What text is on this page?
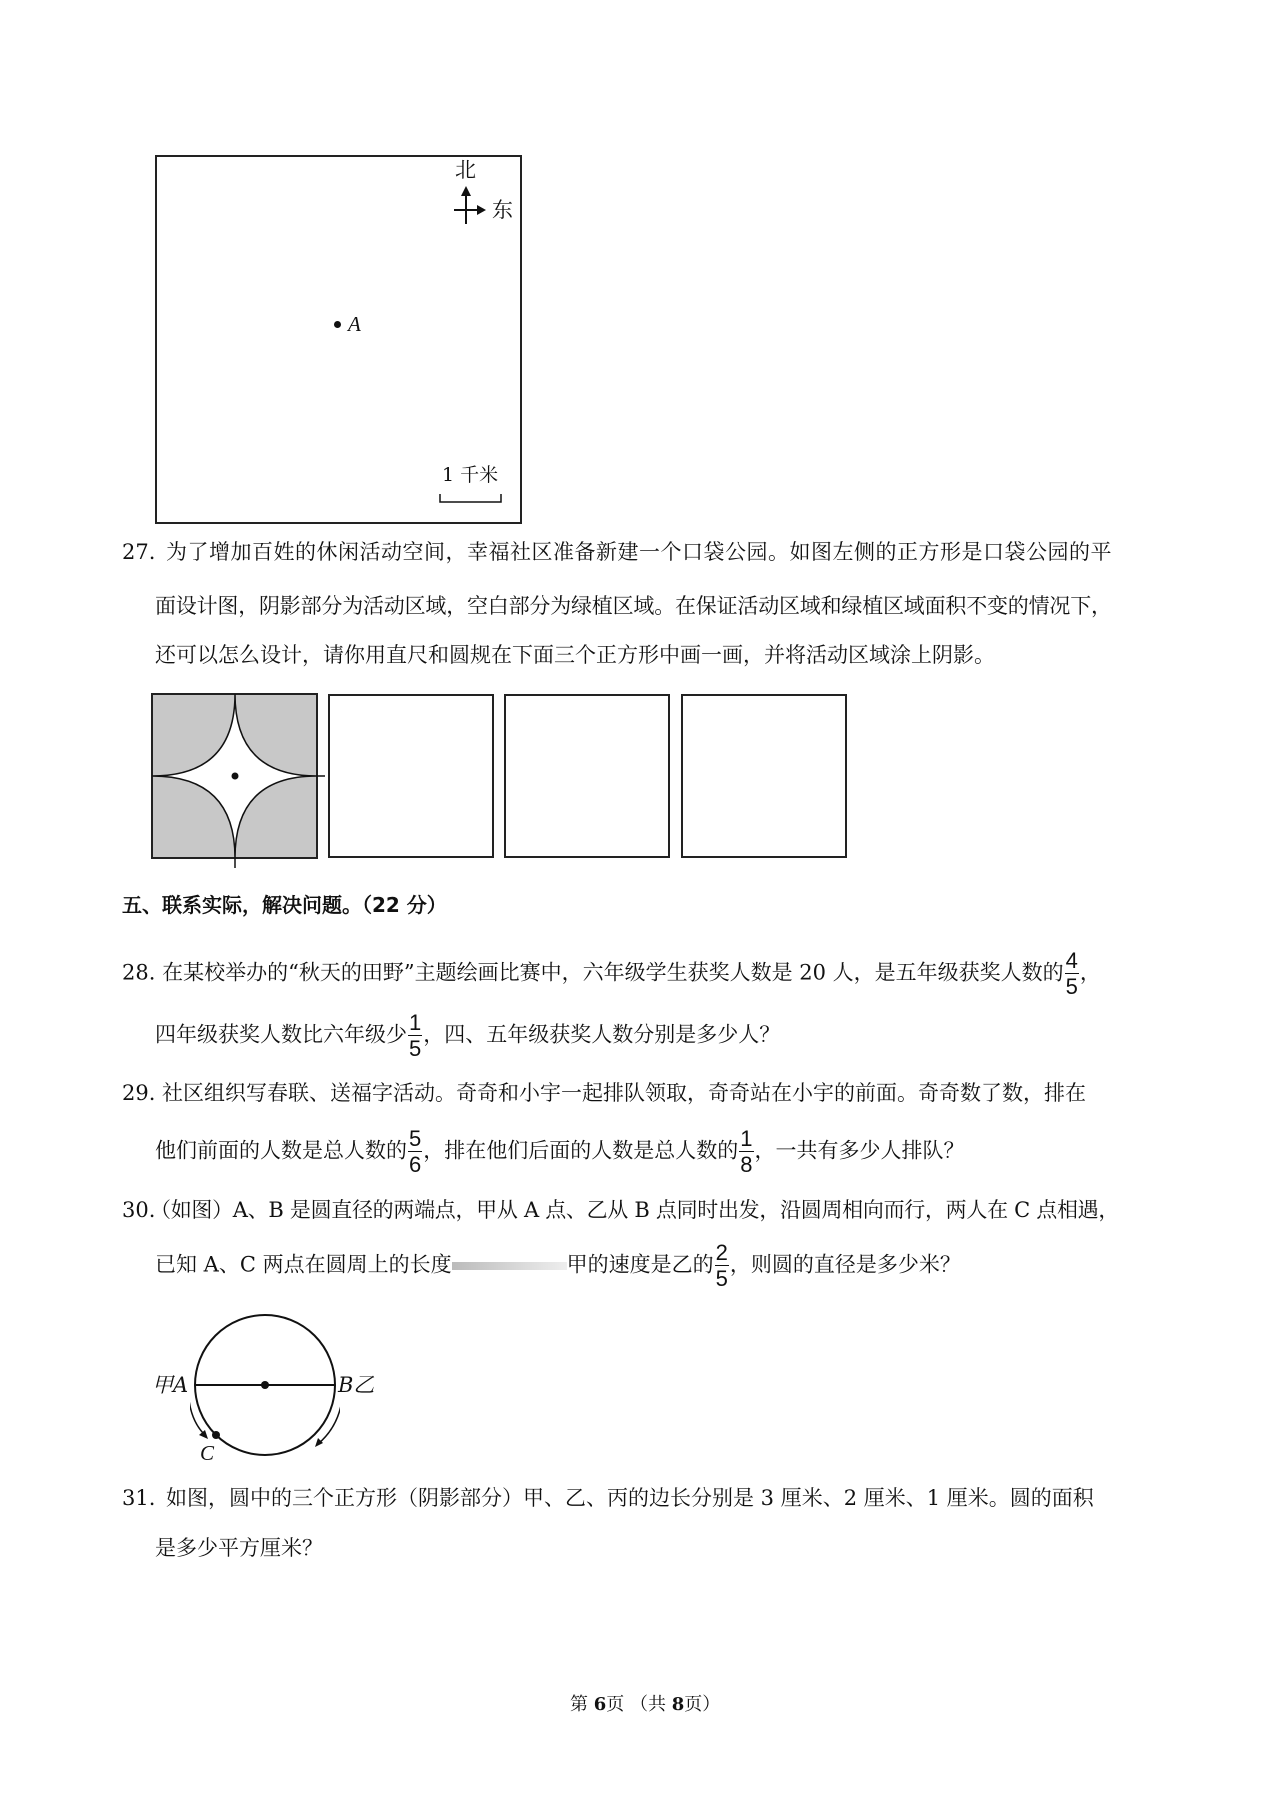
北
东
A
1 千米
27. 为了增加百姓的休闲活动空间，幸福社区准备新建一个口袋公园。如图左侧的正方形是口袋公园的平
面设计图，阴影部分为活动区域，空白部分为绿植区域。在保证活动区域和绿植区域面积不变的情况下，
还可以怎么设计，请你用直尺和圆规在下面三个正方形中画一画，并将活动区域涂上阴影。
五、联系实际，解决问题。（22 分）
28. 在某校举办的“秋天的田野”主题绘画比赛中，六年级学生获奖人数是 20 人，是五年级获奖人数的 $\frac{4}{5}$ ，
四年级获奖人数比六年级少 $\frac{1}{5}$ ，四、五年级获奖人数分别是多少人？
29. 社区组织写春联、送福字活动。奇奇和小宇一起排队领取，奇奇站在小宇的前面。奇奇数了数，排在
他们前面的人数是总人数的 $\frac{5}{6}$ ，排在他们后面的人数是总人数的 $\frac{1}{8}$ ，一共有多少人排队？
30.
（如图）A、B 是圆直径的两端点，甲从 A 点、乙从 B 点同时出发，沿圆周相向而行，两人在 C 点相遇，
已知 A、C 两点在圆周上的长度	甲的速度是乙的 $\frac{2}{5}$ ，则圆的直径是多少米？
甲A	B乙
C
31. 如图，圆中的三个正方形（阴影部分）甲、乙、丙的边长分别是 3 厘米、2 厘米、1 厘米。圆的面积
是多少平方厘米？
第 6页 （共 8页）
